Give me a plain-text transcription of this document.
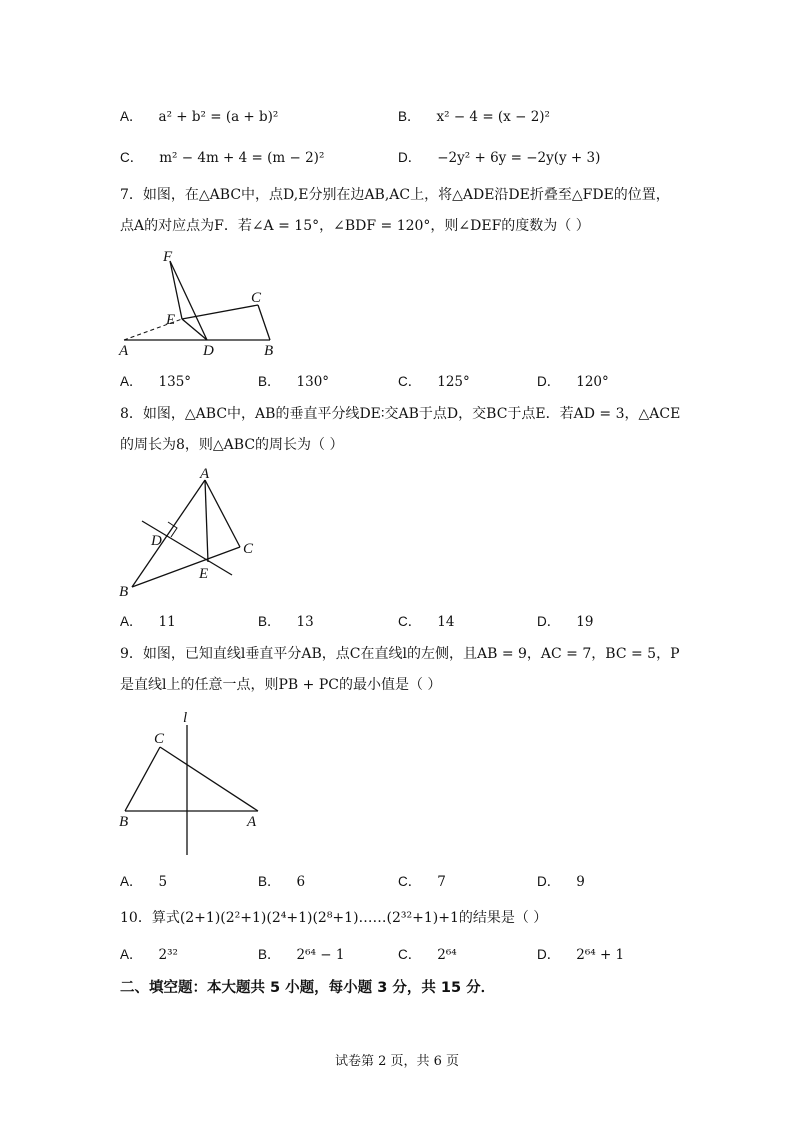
A． a² + b² = (a + b)²	B． x² − 4 = (x − 2)²
C． m² − 4m + 4 = (m − 2)²	D． −2y² + 6y = −2y(y + 3)
7．如图，在△ABC中，点D,E分别在边AB,AC上，将△ADE沿DE折叠至△FDE的位置，
点A的对应点为F．若∠A = 15°，∠BDF = 120°，则∠DEF的度数为（ ）
F
C
E
A	D	B
A． 135°	B． 130°	C． 125°	D． 120°
8．如图，△ABC中，AB的垂直平分线DE∶交AB于点D，交BC于点E．若AD = 3，△ACE
的周长为8，则△ABC的周长为（ ）
A
D	C
E
B
A． 11	B． 13	C． 14	D． 19
9．如图，已知直线l垂直平分AB，点C在直线l的左侧，且AB = 9，AC = 7，BC = 5，P
是直线l上的任意一点，则PB + PC的最小值是（ ）
l
C
B	A
A． 5	B． 6	C． 7	D． 9
10．算式(2+1)(2²+1)(2⁴+1)(2⁸+1)……(2³²+1)+1的结果是（ ）
A． 2³²	B． 2⁶⁴ − 1	C． 2⁶⁴	D． 2⁶⁴ + 1
二、填空题：本大题共 5 小题，每小题 3 分，共 15 分．
试卷第 2 页，共 6 页
